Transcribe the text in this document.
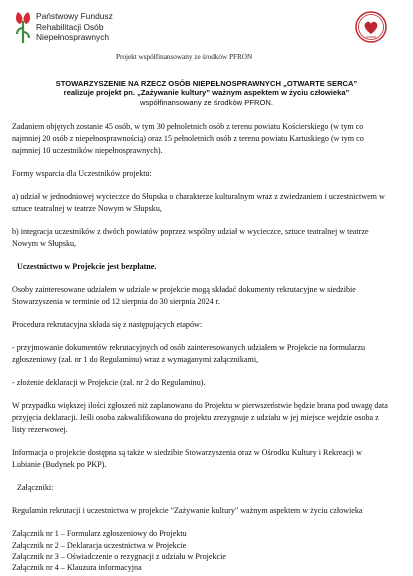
Państwowy Fundusz
Rehabilitacji Osób
Niepełnosprawnych
Projekt współfinansowany ze środków PFRON
STOWARZYSZENIE NA RZECZ OSÓB NIEPEŁNOSPRAWNYCH „OTWARTE SERCA”
realizuje projekt pn. „Zażywanie kultury” ważnym aspektem w życiu człowieka”
współfinansowany ze środków PFRON.

Zadaniem objętych zostanie 45 osób, w tym 30 pełnoletnich osób z terenu powiatu Kościerskiego (w tym co najmniej 20 osób z niepełnosprawnością) oraz 15 pełnoletnich osób z terenu powiatu Kartuskiego (w tym co najmniej 10 uczestników niepełnosprawnych).

Formy wsparcia dla Uczestników projektu:

a) udział w jednodniowej wycieczce do Słupska o charakterze kulturalnym wraz z zwiedzaniem i uczestnictwem w sztuce teatralnej w teatrze Nowym w Słupsku,

b) integracja uczestników z dwóch powiatów poprzez wspólny udział w wycieczce, sztuce teatralnej w teatrze Nowym w Słupsku,

Uczestnictwo w Projekcie jest bezpłatne.

Osoby zainteresowane udziałem w udziale w projekcie mogą składać dokumenty rekrutacyjne w siedzibie Stowarzyszenia w terminie od 12 sierpnia do 30 sierpnia 2024 r.

Procedura rekrutacyjna składa się z następujących etapów:

- przyjmowanie dokumentów rekrutacyjnych od osób zainteresowanych udziałem w Projekcie na formularzu zgłoszeniowy (zał. nr 1 do Regulaminu) wraz z wymaganymi załącznikami,

- złożenie deklaracji w Projekcie (zał. nr 2 do Regulaminu).

W przypadku większej ilości zgłoszeń niż zaplanowano do Projektu w pierwszeństwie będzie brana pod uwagę data przyjęcia deklaracji. Jeśli osoba zakwalifikowana do projektu zrezygnuje z udziału w jej miejsce wejdzie osoba z listy rezerwowej.

Informacja o projekcie dostępna są także w siedzibie Stowarzyszenia oraz w Ośrodku Kultury i Rekreacji w Lubianie (Budynek po PKP).

Załączniki:

Regulamin rekrutacji i uczestnictwa w projekcie "Zażywanie kultury" ważnym aspektem w życiu człowieka

Załącznik nr 1 – Formularz zgłoszeniowy do Projektu
Załącznik nr 2 – Deklaracja uczestnictwa w Projekcie
Załącznik nr 3 – Oświadczenie o rezygnacji z udziału w Projekcie
Załącznik nr 4 – Klauzura informacyjna
